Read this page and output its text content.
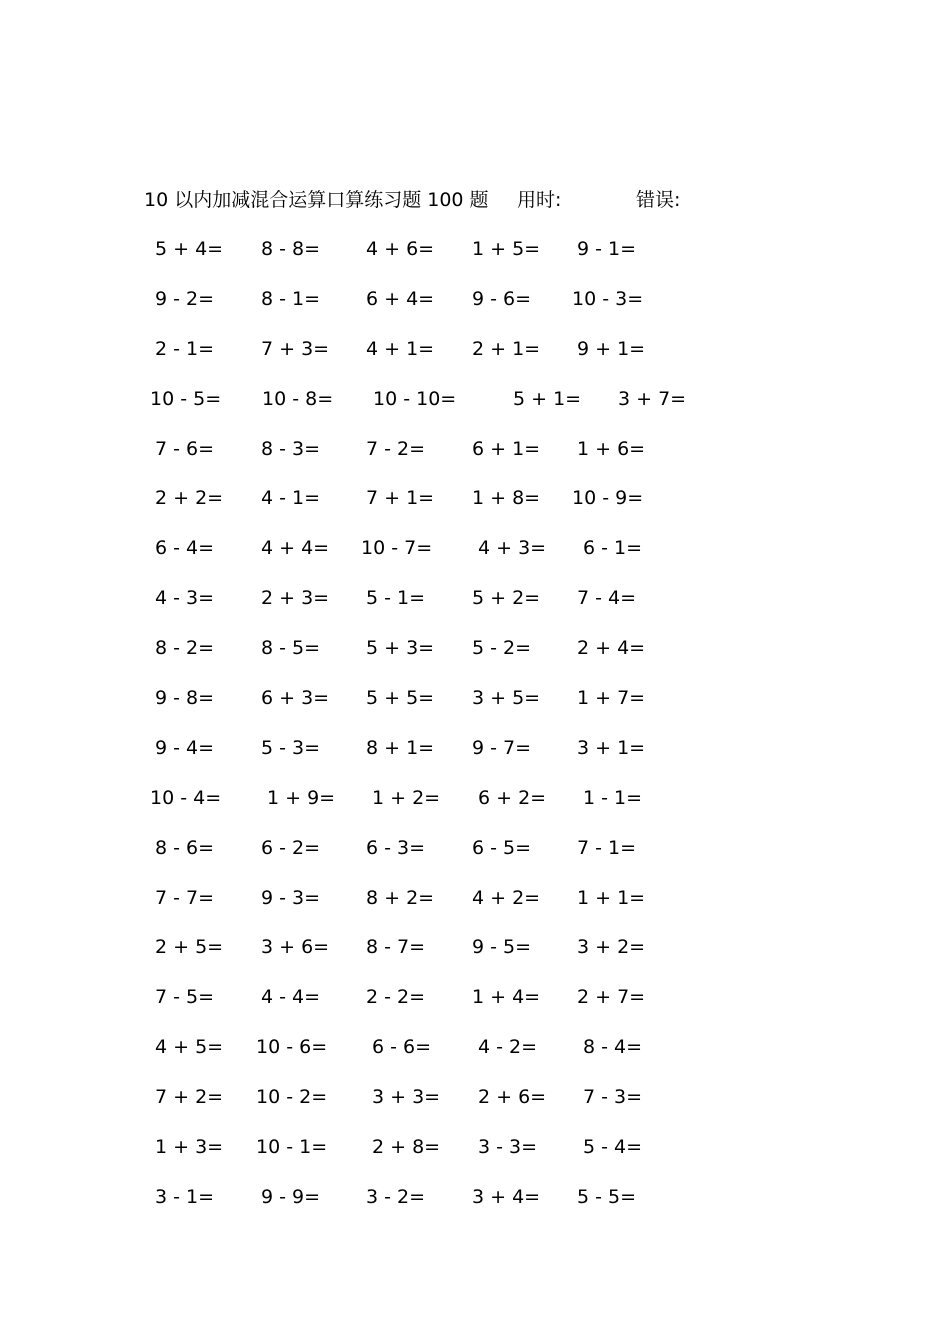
10 以内加减混合运算口算练习题 100 题 用时:	错误:
5 + 4= 8 - 8= 4 + 6= 1 + 5= 9 - 1=
9 - 2= 8 - 1= 6 + 4= 9 - 6= 10 - 3=
2 - 1= 7 + 3= 4 + 1= 2 + 1= 9 + 1=
10 - 5= 10 - 8= 10 - 10=	5 + 1= 3 + 7=
7 - 6= 8 - 3= 7 - 2= 6 + 1= 1 + 6=
2 + 2= 4 - 1= 7 + 1= 1 + 8= 10 - 9=
6 - 4= 4 + 4= 10 - 7= 4 + 3= 6 - 1=
4 - 3= 2 + 3= 5 - 1= 5 + 2= 7 - 4=
8 - 2= 8 - 5= 5 + 3= 5 - 2= 2 + 4=
9 - 8= 6 + 3= 5 + 5= 3 + 5= 1 + 7=
9 - 4= 5 - 3= 8 + 1= 9 - 7= 3 + 1=
10 - 4= 1 + 9= 1 + 2= 6 + 2= 1 - 1=
8 - 6= 6 - 2= 6 - 3= 6 - 5= 7 - 1=
7 - 7= 9 - 3= 8 + 2= 4 + 2= 1 + 1=
2 + 5= 3 + 6= 8 - 7= 9 - 5= 3 + 2=
7 - 5= 4 - 4= 2 - 2= 1 + 4= 2 + 7=
4 + 5= 10 - 6= 6 - 6= 4 - 2= 8 - 4=
7 + 2= 10 - 2= 3 + 3= 2 + 6= 7 - 3=
1 + 3= 10 - 1= 2 + 8= 3 - 3= 5 - 4=
3 - 1= 9 - 9= 3 - 2= 3 + 4= 5 - 5=
